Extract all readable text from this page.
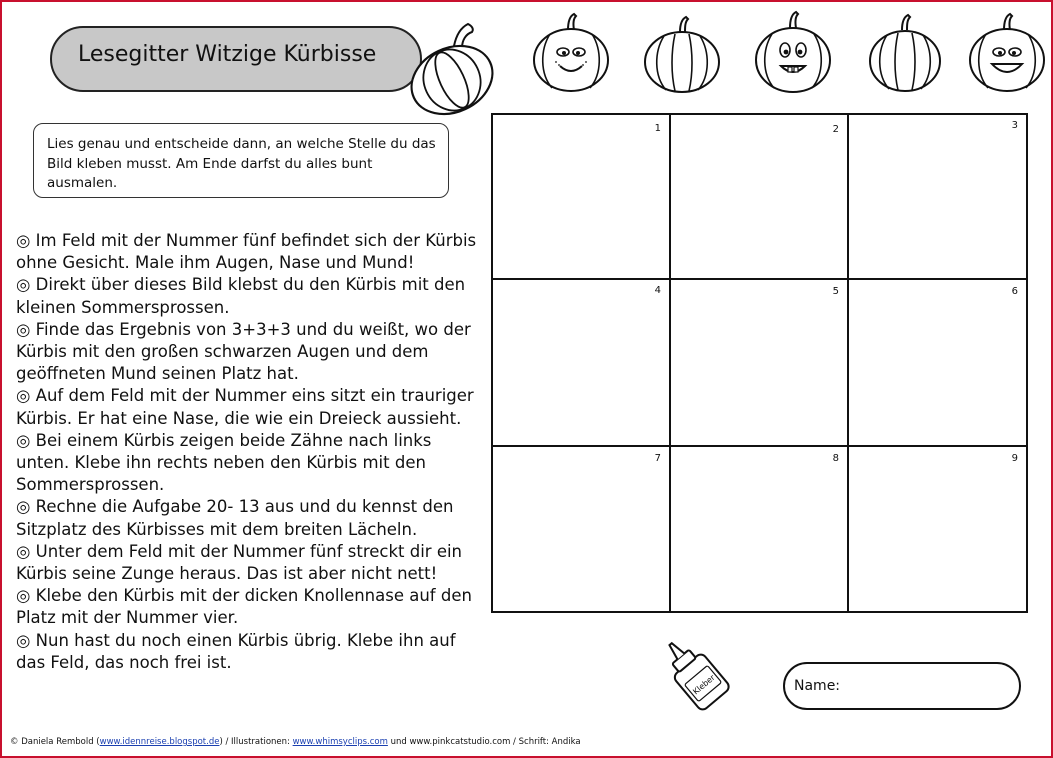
Lesegitter Witzige Kürbisse
Lies genau und entscheide dann, an welche Stelle du das Bild kleben musst. Am Ende darfst du alles bunt ausmalen.
◎ Im Feld mit der Nummer fünf befindet sich der Kürbis ohne Gesicht. Male ihm Augen, Nase und Mund!
◎ Direkt über dieses Bild klebst du den Kürbis mit den kleinen Sommersprossen.
◎ Finde das Ergebnis von 3+3+3 und du weißt, wo der Kürbis mit den großen schwarzen Augen und dem geöffneten Mund seinen Platz hat.
◎ Auf dem Feld mit der Nummer eins sitzt ein trauriger Kürbis. Er hat eine Nase, die wie ein Dreieck aussieht.
◎ Bei einem Kürbis zeigen beide Zähne nach links unten. Klebe ihn rechts neben den Kürbis mit den Sommersprossen.
◎ Rechne die Aufgabe 20- 13 aus und du kennst den Sitzplatz des Kürbisses mit dem breiten Lächeln.
◎ Unter dem Feld mit der Nummer fünf streckt dir ein Kürbis seine Zunge heraus. Das ist aber nicht nett!
◎ Klebe den Kürbis mit der dicken Knollennase auf den Platz mit der Nummer vier.
◎ Nun hast du noch einen Kürbis übrig. Klebe ihn auf das Feld, das noch frei ist.
1	2	3
4	5	6
7	8	9
Kleber	Name:
© Daniela Rembold (www.idennreise.blogspot.de) / Illustrationen: www.whimsyclips.com und www.pinkcatstudio.com / Schrift: Andika
